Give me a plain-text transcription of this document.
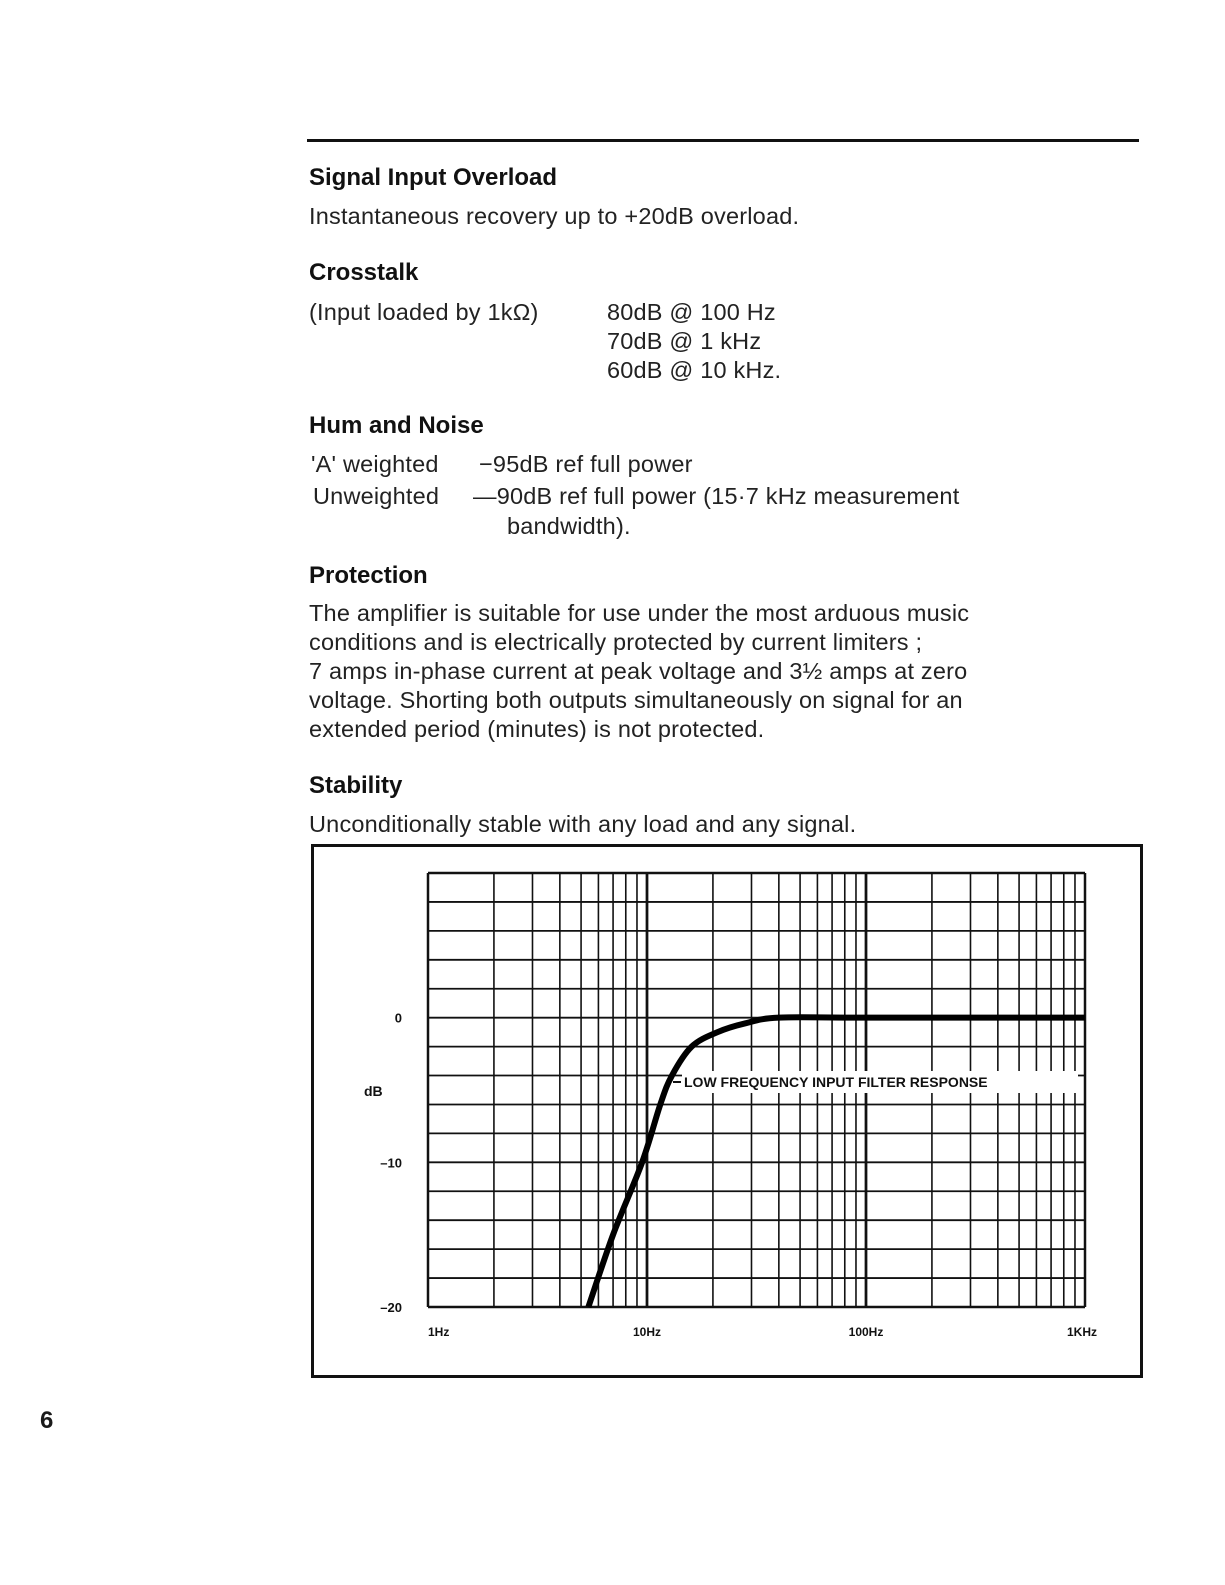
Signal Input Overload
Instantaneous recovery up to +20dB overload.
Crosstalk
(Input loaded by 1kΩ)	80dB @ 100 Hz
70dB @ 1 kHz
60dB @ 10 kHz.
Hum and Noise
'A' weighted −95dB ref full power
Unweighted —90dB ref full power (15·7 kHz measurement
bandwidth).
Protection
The amplifier is suitable for use under the most arduous music
conditions and is electrically protected by current limiters ;
7 amps in-phase current at peak voltage and 3½ amps at zero
voltage. Shorting both outputs simultaneously on signal for an
extended period (minutes) is not protected.
Stability
Unconditionally stable with any load and any signal.
0
–10
–20
1Hz	10Hz	100Hz	1KHz
LOW FREQUENCY INPUT FILTER RESPONSE
dB
6
